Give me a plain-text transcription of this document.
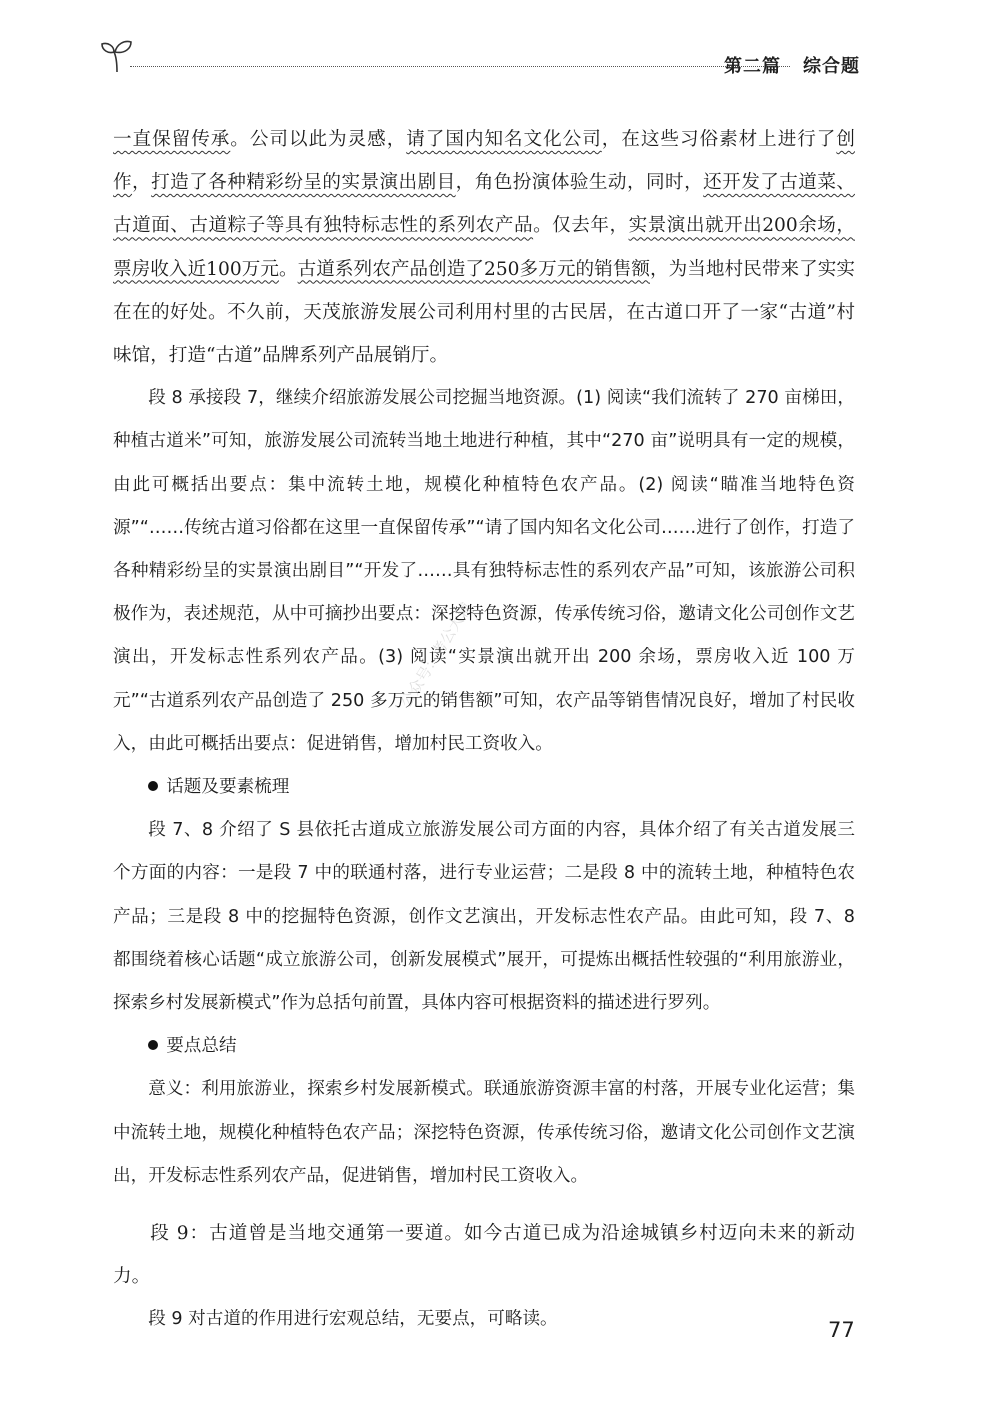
第二篇 综合题

一直保留传承。公司以此为灵感，请了国内知名文化公司，在这些习俗素材上进行了创作，打造了各种精彩纷呈的实景演出剧目，角色扮演体验生动，同时，还开发了古道菜、古道面、古道粽子等具有独特标志性的系列农产品。仅去年，实景演出就开出200余场，票房收入近100万元。古道系列农产品创造了250多万元的销售额，为当地村民带来了实实在在的好处。不久前，天茂旅游发展公司利用村里的古民居，在古道口开了一家“古道”村味馆，打造“古道”品牌系列产品展销厅。

段 8 承接段 7，继续介绍旅游发展公司挖掘当地资源。(1) 阅读“我们流转了 270 亩梯田，种植古道米”可知，旅游发展公司流转当地土地进行种植，其中“270 亩”说明具有一定的规模，由此可概括出要点：集中流转土地，规模化种植特色农产品。(2) 阅读“瞄准当地特色资源”“……传统古道习俗都在这里一直保留传承”“请了国内知名文化公司……进行了创作，打造了各种精彩纷呈的实景演出剧目”“开发了……具有独特标志性的系列农产品”可知，该旅游公司积极作为，表述规范，从中可摘抄出要点：深挖特色资源，传承传统习俗，邀请文化公司创作文艺演出，开发标志性系列农产品。(3) 阅读“实景演出就开出 200 余场，票房收入近 100 万元”“古道系列农产品创造了 250 多万元的销售额”可知，农产品等销售情况良好，增加了村民收入，由此可概括出要点：促进销售，增加村民工资收入。

话题及要素梳理

段 7、8 介绍了 S 县依托古道成立旅游发展公司方面的内容，具体介绍了有关古道发展三个方面的内容：一是段 7 中的联通村落，进行专业运营；二是段 8 中的流转土地，种植特色农产品；三是段 8 中的挖掘特色资源，创作文艺演出，开发标志性农产品。由此可知，段 7、8 都围绕着核心话题“成立旅游公司，创新发展模式”展开，可提炼出概括性较强的“利用旅游业，探索乡村发展新模式”作为总括句前置，具体内容可根据资料的描述进行罗列。

要点总结

意义：利用旅游业，探索乡村发展新模式。联通旅游资源丰富的村落，开展专业化运营；集中流转土地，规模化种植特色农产品；深挖特色资源，传承传统习俗，邀请文化公司创作文艺演出，开发标志性系列农产品，促进销售，增加村民工资收入。

段 9：古道曾是当地交通第一要道。如今古道已成为沿途城镇乡村迈向未来的新动力。

段 9 对古道的作用进行宏观总结，无要点，可略读。

公众号：考公大辅
77
